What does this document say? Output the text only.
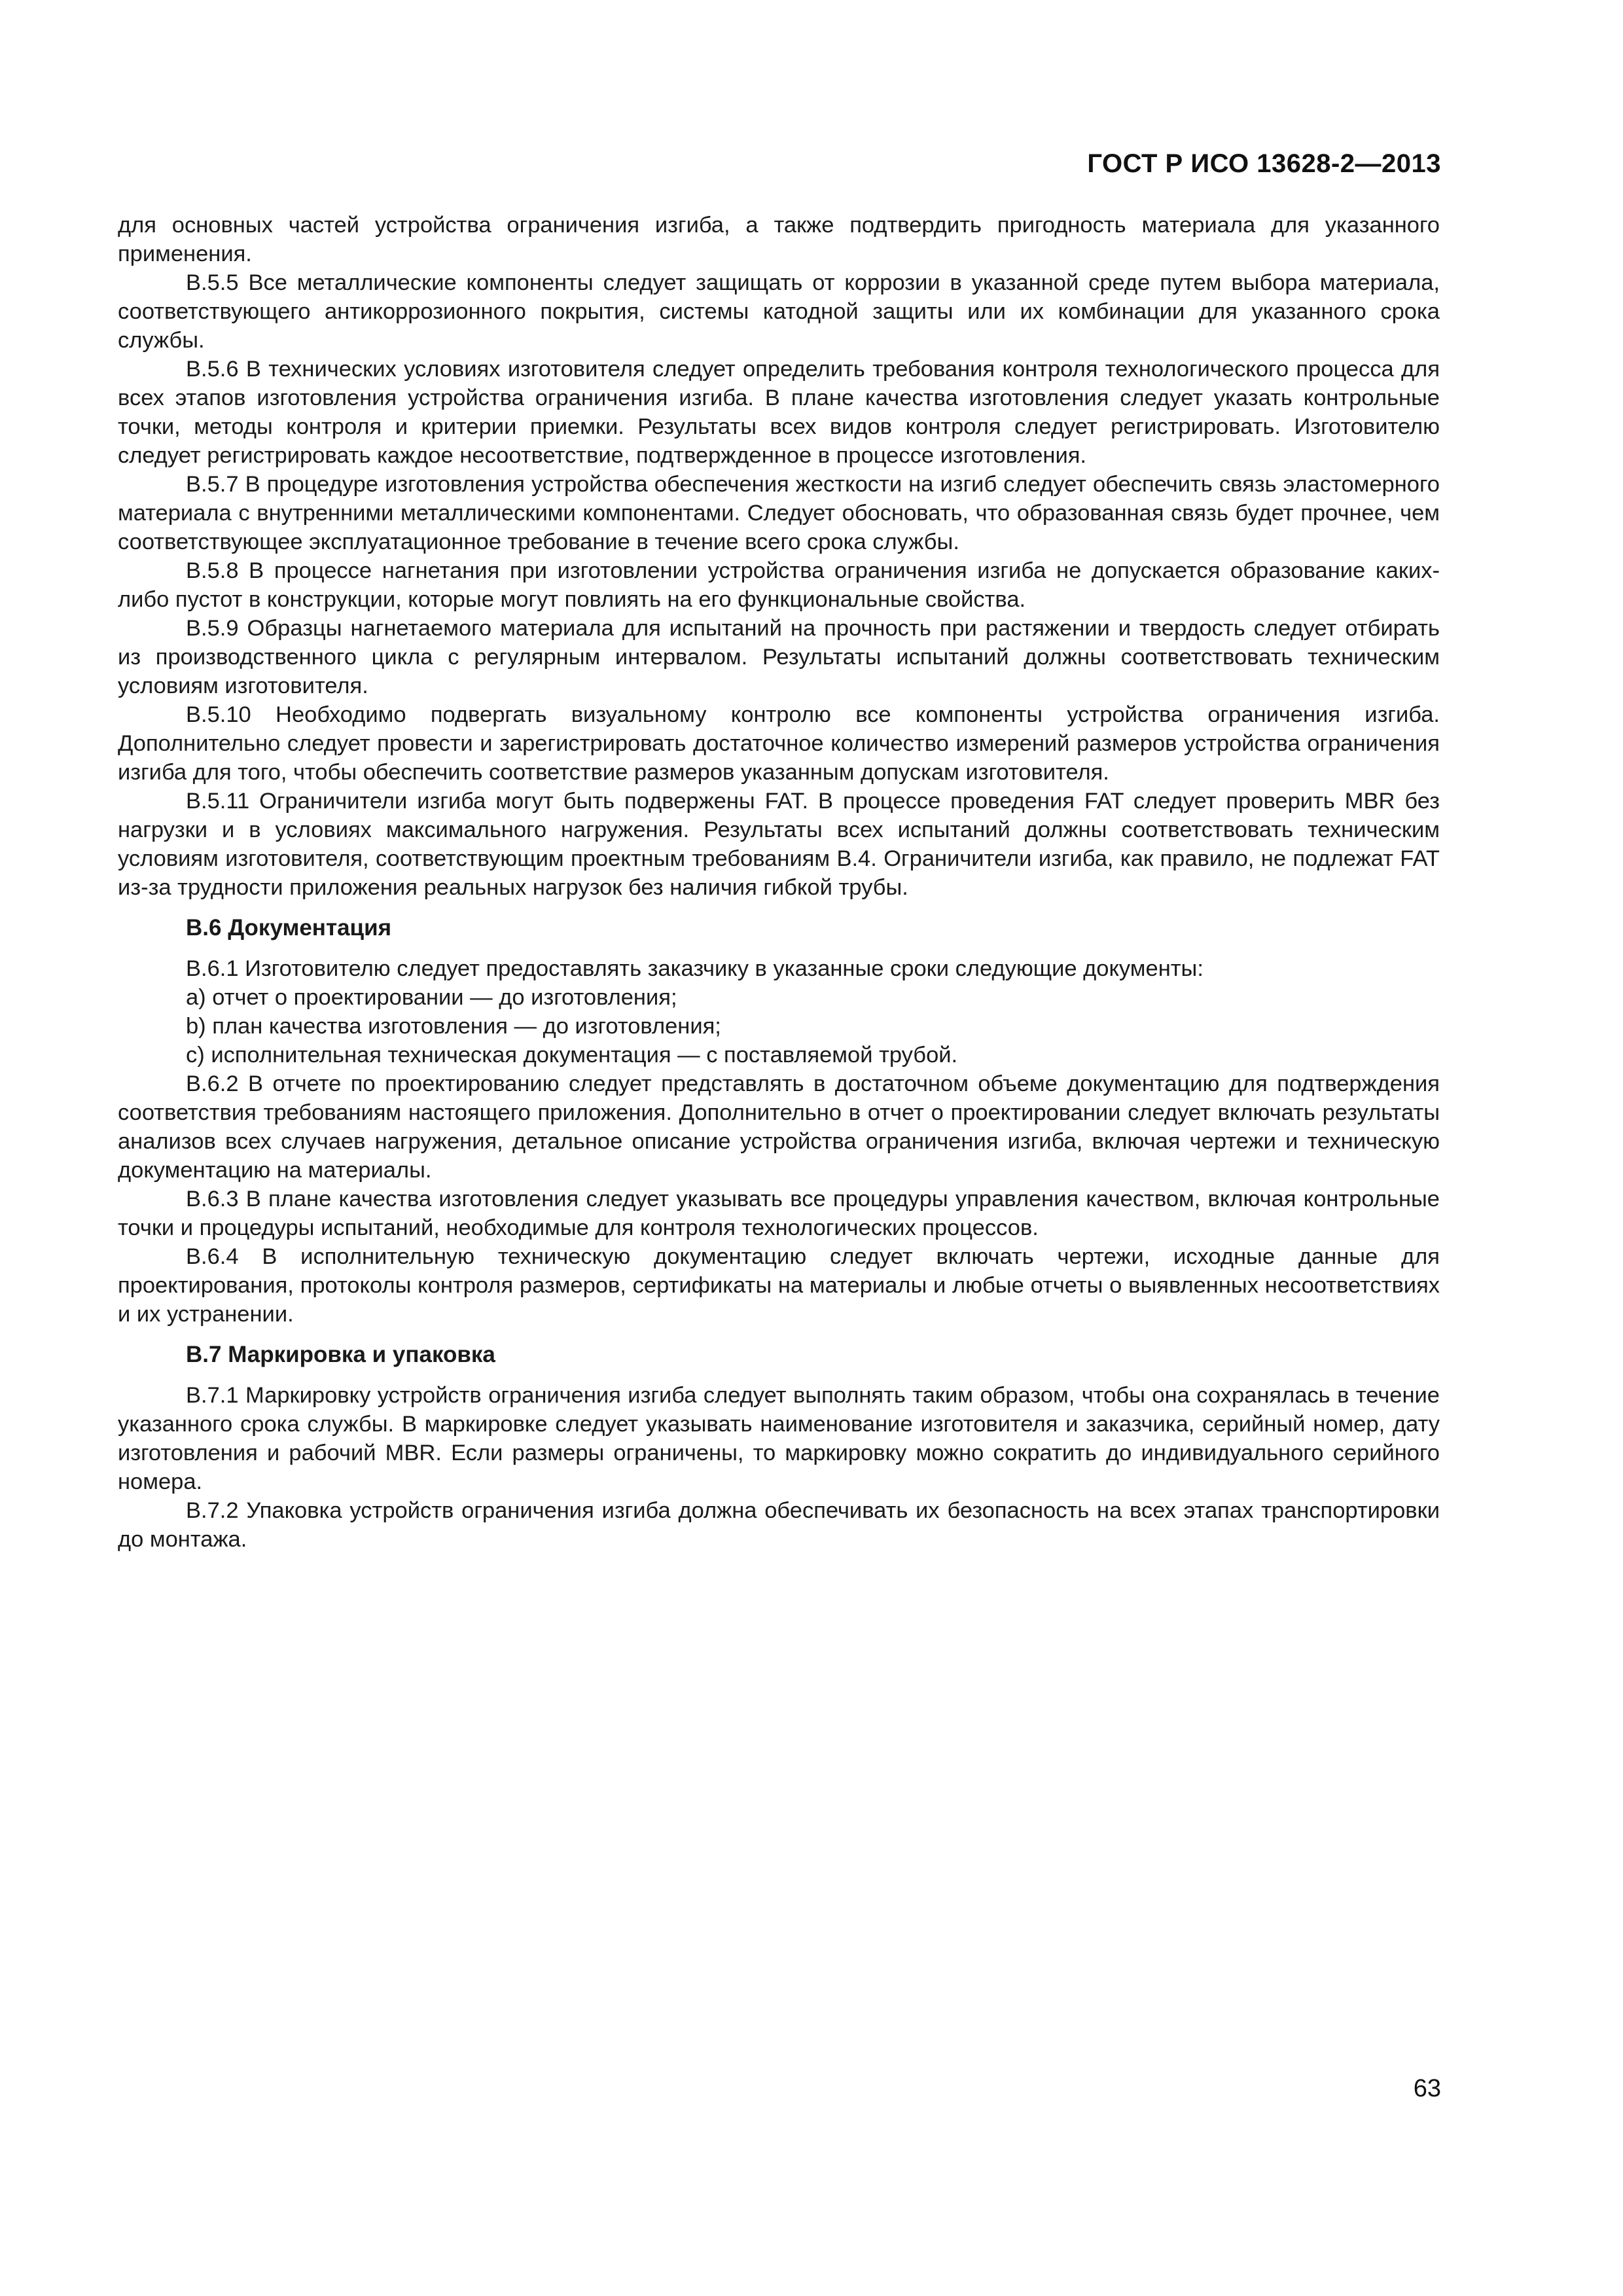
ГОСТ Р ИСО 13628-2—2013

для основных частей устройства ограничения изгиба, а также подтвердить пригодность материала для указанного применения.

В.5.5 Все металлические компоненты следует защищать от коррозии в указанной среде путем выбора материала, соответствующего антикоррозионного покрытия, системы катодной защиты или их комбинации для указанного срока службы.

В.5.6 В технических условиях изготовителя следует определить требования контроля технологического процесса для всех этапов изготовления устройства ограничения изгиба. В плане качества изготовления следует указать контрольные точки, методы контроля и критерии приемки. Результаты всех видов контроля следует регистрировать. Изготовителю следует регистрировать каждое несоответствие, подтвержденное в процессе изготовления.

В.5.7 В процедуре изготовления устройства обеспечения жесткости на изгиб следует обеспечить связь эластомерного материала с внутренними металлическими компонентами. Следует обосновать, что образованная связь будет прочнее, чем соответствующее эксплуатационное требование в течение всего срока службы.

В.5.8 В процессе нагнетания при изготовлении устройства ограничения изгиба не допускается образование каких-либо пустот в конструкции, которые могут повлиять на его функциональные свойства.

В.5.9 Образцы нагнетаемого материала для испытаний на прочность при растяжении и твердость следует отбирать из производственного цикла с регулярным интервалом. Результаты испытаний должны соответствовать техническим условиям изготовителя.

В.5.10 Необходимо подвергать визуальному контролю все компоненты устройства ограничения изгиба. Дополнительно следует провести и зарегистрировать достаточное количество измерений размеров устройства ограничения изгиба для того, чтобы обеспечить соответствие размеров указанным допускам изготовителя.

В.5.11 Ограничители изгиба могут быть подвержены FAT. В процессе проведения FAT следует проверить MBR без нагрузки и в условиях максимального нагружения. Результаты всех испытаний должны соответствовать техническим условиям изготовителя, соответствующим проектным требованиям В.4. Ограничители изгиба, как правило, не подлежат FAT из-за трудности приложения реальных нагрузок без наличия гибкой трубы.

В.6 Документация

В.6.1 Изготовителю следует предоставлять заказчику в указанные сроки следующие документы:

a) отчет о проектировании — до изготовления;

b) план качества изготовления — до изготовления;

c) исполнительная техническая документация — с поставляемой трубой.

В.6.2 В отчете по проектированию следует представлять в достаточном объеме документацию для подтверждения соответствия требованиям настоящего приложения. Дополнительно в отчет о проектировании следует включать результаты анализов всех случаев нагружения, детальное описание устройства ограничения изгиба, включая чертежи и техническую документацию на материалы.

В.6.3 В плане качества изготовления следует указывать все процедуры управления качеством, включая контрольные точки и процедуры испытаний, необходимые для контроля технологических процессов.

В.6.4 В исполнительную техническую документацию следует включать чертежи, исходные данные для проектирования, протоколы контроля размеров, сертификаты на материалы и любые отчеты о выявленных несоответствиях и их устранении.

В.7 Маркировка и упаковка

В.7.1 Маркировку устройств ограничения изгиба следует выполнять таким образом, чтобы она сохранялась в течение указанного срока службы. В маркировке следует указывать наименование изготовителя и заказчика, серийный номер, дату изготовления и рабочий MBR. Если размеры ограничены, то маркировку можно сократить до индивидуального серийного номера.

В.7.2 Упаковка устройств ограничения изгиба должна обеспечивать их безопасность на всех этапах транспортировки до монтажа.

63
